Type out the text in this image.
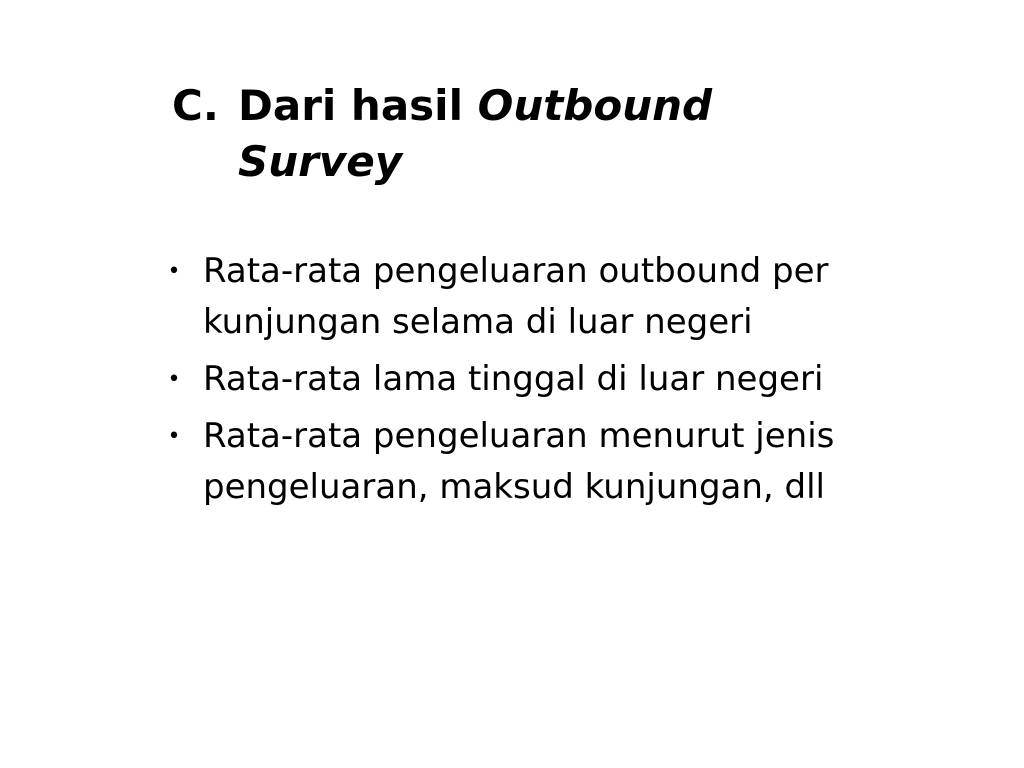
C. Dari hasil
Outbound
Survey
• Rata-rata pengeluaran outbound per kunjungan selama di luar negeri
• Rata-rata lama tinggal di luar negeri
• Rata-rata pengeluaran menurut jenis pengeluaran, maksud kunjungan, dll
